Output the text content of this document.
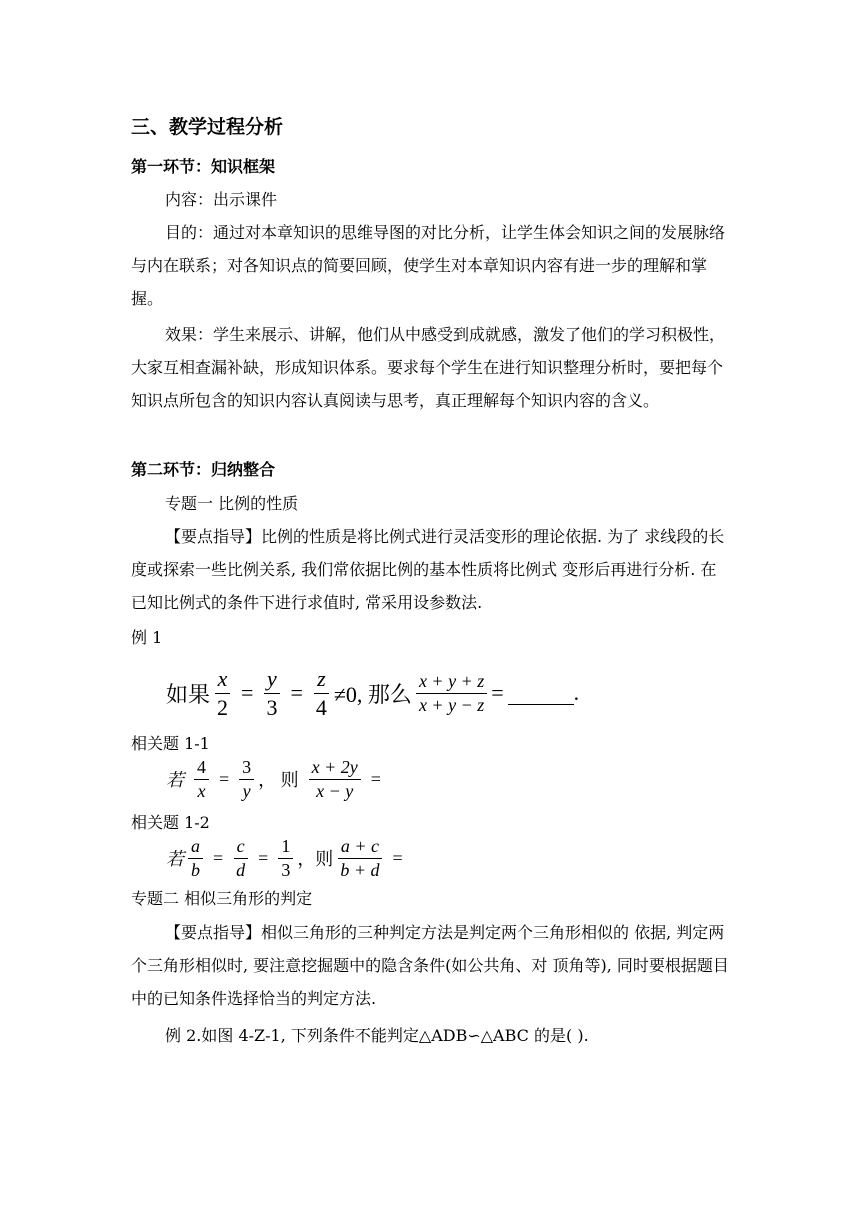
三、教学过程分析
第一环节：知识框架
内容：出示课件
目的：通过对本章知识的思维导图的对比分析，让学生体会知识之间的发展脉络与内在联系；对各知识点的简要回顾，使学生对本章知识内容有进一步的理解和掌握。
效果：学生来展示、讲解，他们从中感受到成就感，激发了他们的学习积极性，大家互相查漏补缺，形成知识体系。要求每个学生在进行知识整理分析时，要把每个知识点所包含的知识内容认真阅读与思考，真正理解每个知识内容的含义。
第二环节：归纳整合
专题一 比例的性质
【要点指导】比例的性质是将比例式进行灵活变形的理论依据. 为了 求线段的长度或探索一些比例关系, 我们常依据比例的基本性质将比例式 变形后再进行分析. 在已知比例式的条件下进行求值时, 常采用设参数法.
例 1
如果 $\frac{x}{2} = \frac{y}{3} = \frac{z}{4} \ne 0$, 那么 $\frac{x + y + z}{x + y - z}$ =	.
相关题 1-1
若 $\frac{4}{x} = \frac{3}{y}$ ， 则 $\frac{x + 2y}{x - y}$ =
相关题 1-2
若 $\frac{a}{b} = \frac{c}{d} = \frac{1}{3}$ ，则 $\frac{a + c}{b + d}$ =
专题二 相似三角形的判定
【要点指导】相似三角形的三种判定方法是判定两个三角形相似的 依据, 判定两个三角形相似时, 要注意挖掘题中的隐含条件(如公共角、对 顶角等), 同时要根据题目中的已知条件选择恰当的判定方法.
例 2.如图 4-Z-1, 下列条件不能判定△ADB∽△ABC 的是( ).
